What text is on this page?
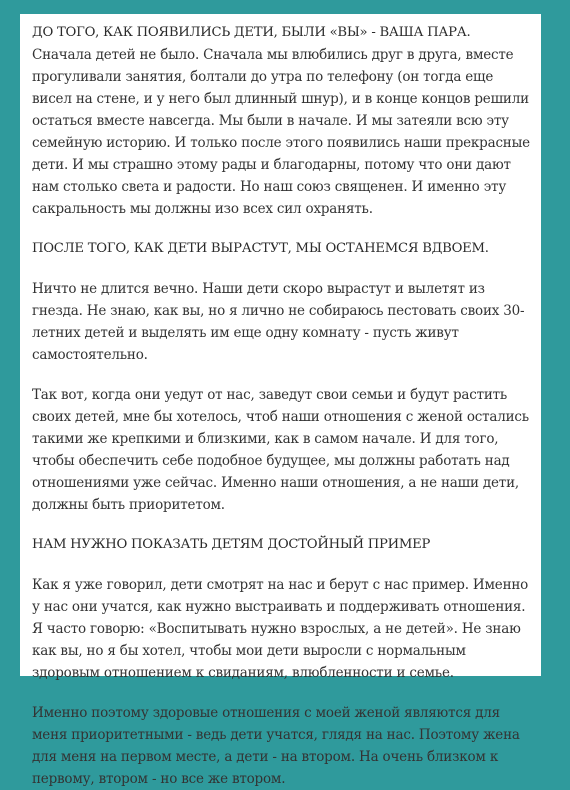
ДО ТОГО, КАК ПОЯВИЛИСЬ ДЕТИ, БЫЛИ «ВЫ» - ВАША ПАРА.

Сначала детей не было. Сначала мы влюбились друг в друга, вместе прогуливали занятия, болтали до утра по телефону (он тогда еще висел на стене, и у него был длинный шнур), и в конце концов решили остаться вместе навсегда. Мы были в начале. И мы затеяли всю эту семейную историю. И только после этого появились наши прекрасные дети. И мы страшно этому рады и благодарны, потому что они дают нам столько света и радости. Но наш союз священен. И именно эту сакральность мы должны изо всех сил охранять.

ПОСЛЕ ТОГО, КАК ДЕТИ ВЫРАСТУТ, МЫ ОСТАНЕМСЯ ВДВОЕМ.

Ничто не длится вечно. Наши дети скоро вырастут и вылетят из гнезда. Не знаю, как вы, но я лично не собираюсь пестовать своих 30-летних детей и выделять им еще одну комнату - пусть живут самостоятельно.

Так вот, когда они уедут от нас, заведут свои семьи и будут растить своих детей, мне бы хотелось, чтоб наши отношения с женой остались такими же крепкими и близкими, как в самом начале. И для того, чтобы обеспечить себе подобное будущее, мы должны работать над отношениями уже сейчас. Именно наши отношения, а не наши дети, должны быть приоритетом.

НАМ НУЖНО ПОКАЗАТЬ ДЕТЯМ ДОСТОЙНЫЙ ПРИМЕР

Как я уже говорил, дети смотрят на нас и берут с нас пример. Именно у нас они учатся, как нужно выстраивать и поддерживать отношения. Я часто говорю: «Воспитывать нужно взрослых, а не детей». Не знаю как вы, но я бы хотел, чтобы мои дети выросли с нормальным здоровым отношением к свиданиям, влюбленности и семье.

Именно поэтому здоровые отношения с моей женой являются для меня приоритетными - ведь дети учатся, глядя на нас. Поэтому жена для меня на первом месте, а дети - на втором. На очень близком к первому, втором - но все же втором.
